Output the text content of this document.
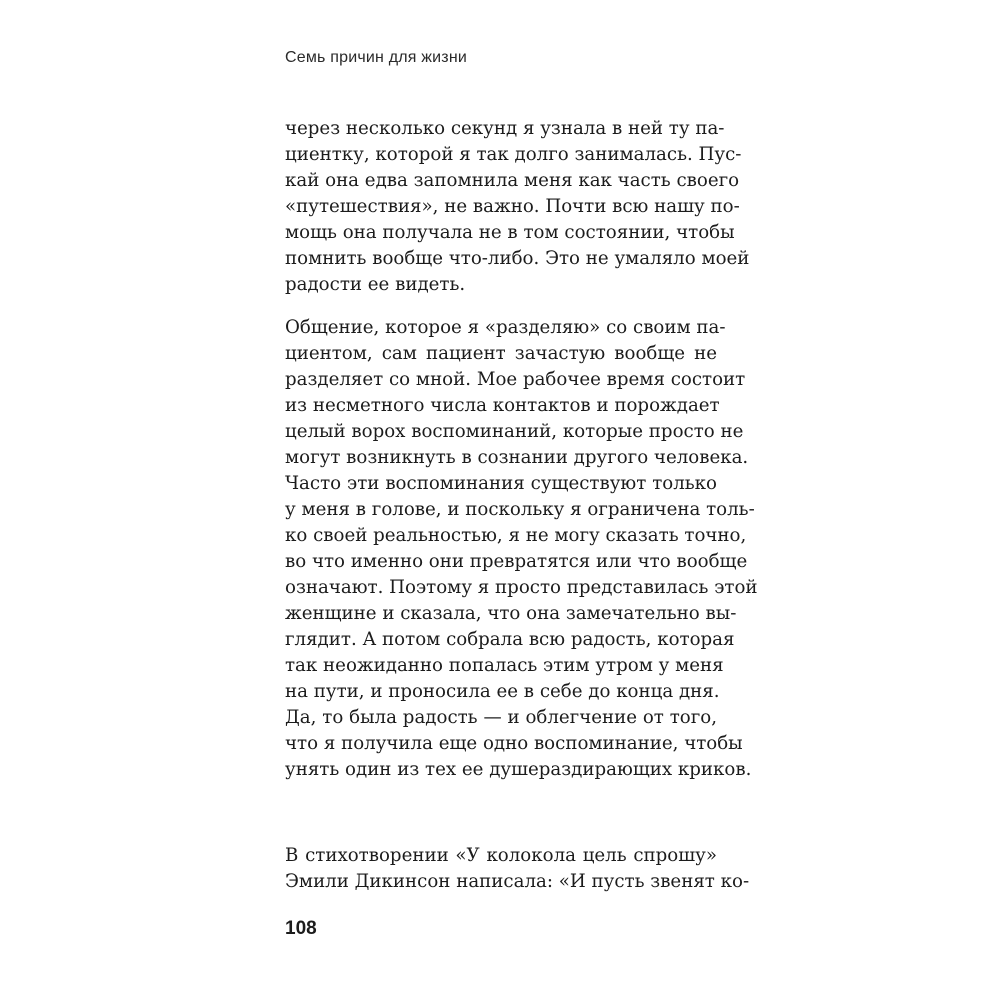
Семь причин для жизни
через несколько секунд я узнала в ней ту па-
циентку, которой я так долго занималась. Пус-
кай она едва запомнила меня как часть своего
«путешествия», не важно. Почти всю нашу по-
мощь она получала не в том состоянии, чтобы
помнить вообще что-либо. Это не умаляло моей
радости ее видеть.
Общение, которое я «разделяю» со своим па-
циентом, сам пациент зачастую вообще не
разделяет со мной. Мое рабочее время состоит
из несметного числа контактов и порождает
целый ворох воспоминаний, которые просто не
могут возникнуть в сознании другого человека.
Часто эти воспоминания существуют только
у меня в голове, и поскольку я ограничена толь-
ко своей реальностью, я не могу сказать точно,
во что именно они превратятся или что вообще
означают. Поэтому я просто представилась этой
женщине и сказала, что она замечательно вы-
глядит. А потом собрала всю радость, которая
так неожиданно попалась этим утром у меня
на пути, и проносила ее в себе до конца дня.
Да, то была радость — и облегчение от того,
что я получила еще одно воспоминание, чтобы
унять один из тех ее душераздирающих криков.
В стихотворении «У колокола цель спрошу»
Эмили Дикинсон написала: «И пусть звенят ко-
108
